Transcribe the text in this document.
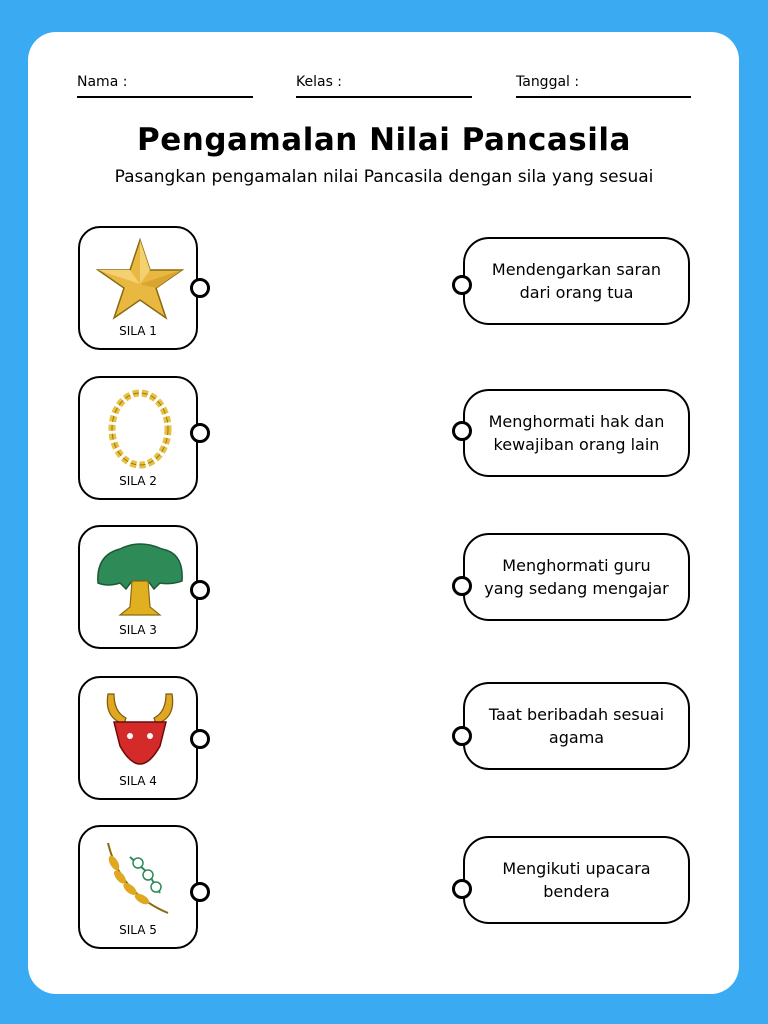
Nama :	Kelas :	Tanggal :
Pengamalan Nilai Pancasila
Pasangkan pengamalan nilai Pancasila dengan sila yang sesuai
SILA 1
SILA 2
SILA 3
SILA 4
SILA 5
Mendengarkan saran dari orang tua
Menghormati hak dan kewajiban orang lain
Menghormati guru yang sedang mengajar
Taat beribadah sesuai agama
Mengikuti upacara bendera
